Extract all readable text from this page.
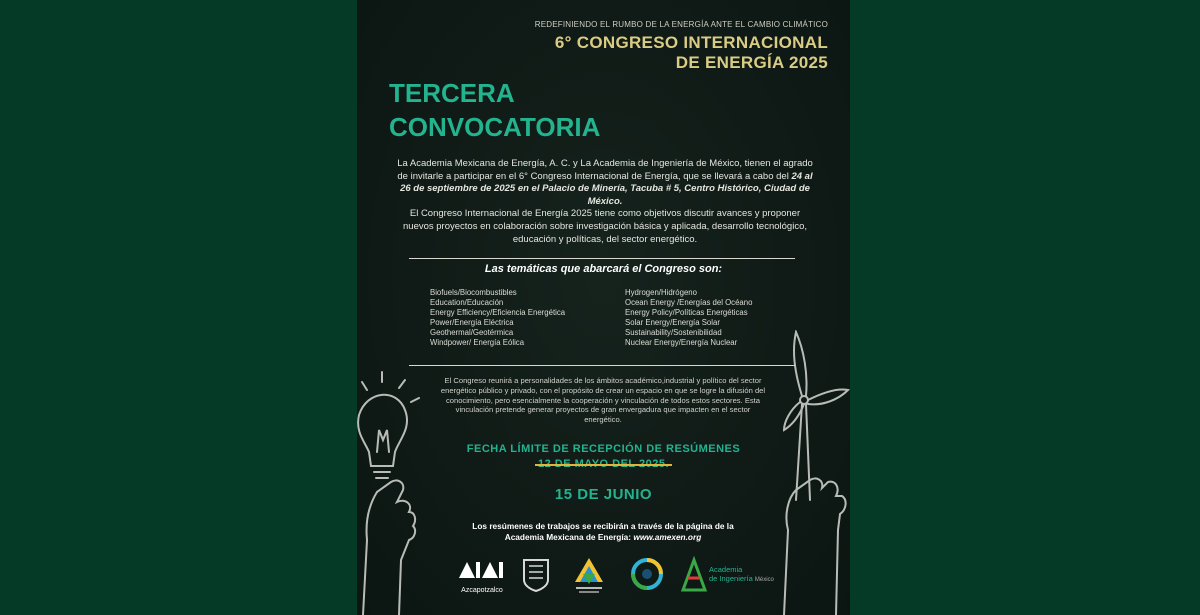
REDEFINIENDO EL RUMBO DE LA ENERGÍA ANTE EL CAMBIO CLIMÁTICO
6° CONGRESO INTERNACIONAL
DE ENERGÍA 2025
TERCERA
CONVOCATORIA
La Academia Mexicana de Energía, A. C. y La Academia de Ingeniería de México, tienen el agrado de invitarle a participar en el 6° Congreso Internacional de Energía, que se llevará a cabo del 24 al 26 de septiembre de 2025 en el Palacio de Minería, Tacuba # 5, Centro Histórico, Ciudad de México.
El Congreso Internacional de Energía 2025 tiene como objetivos discutir avances y proponer nuevos proyectos en colaboración sobre investigación básica y aplicada, desarrollo tecnológico, educación y políticas, del sector energético.
Las temáticas que abarcará el Congreso son:
Biofuels/Biocombustibles
Education/Educación
Energy Efficiency/Eficiencia Energética
Power/Energía Eléctrica
Geothermal/Geotérmica
Windpower/ Energía Eólica
Hydrogen/Hidrógeno
Ocean Energy /Energías del Océano
Energy Policy/Políticas Energéticas
Solar Energy/Energía Solar
Sustainability/Sostenibilidad
Nuclear Energy/Energía Nuclear
El Congreso reunirá a personalidades de los ámbitos académico,industrial y político del sector energético público y privado, con el propósito de crear un espacio en que se logre la difusión del conocimiento, pero esencialmente la cooperación y vinculación de todos estos sectores. Esta vinculación pretende generar proyectos de gran envergadura que impacten en el sector energético.
FECHA LÍMITE DE RECEPCIÓN DE RESÚMENES
15 DE JUNIO
Los resúmenes de trabajos se recibirán a través de la página de la
Academia Mexicana de Energía: www.amexen.org
Azcapotzalco
Academia
de Ingeniería México
